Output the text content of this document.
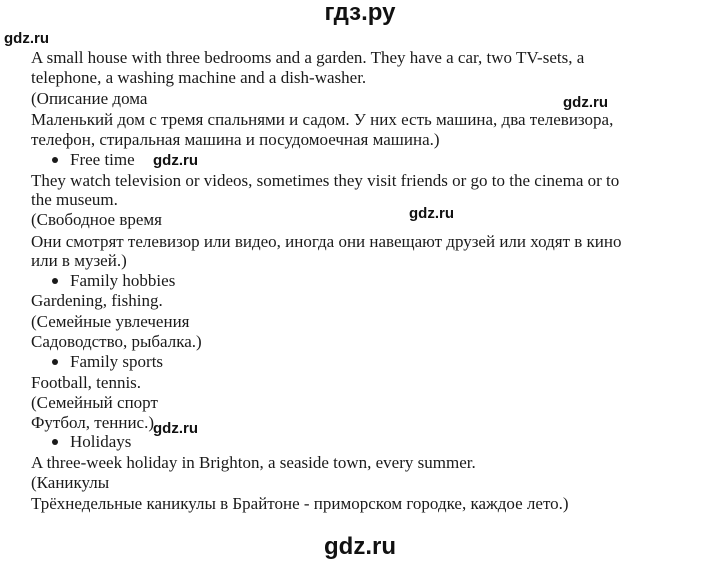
гдз.ру
gdz.ru
gdz.ru
gdz.ru
gdz.ru
gdz.ru
A small house with three bedrooms and a garden. They have a car, two TV-sets, a
telephone, a washing machine and a dish-washer.
(Описание дома
Маленький дом с тремя спальнями и садом. У них есть машина, два телевизора,
телефон, стиральная машина и посудомоечная машина.)
Free time
They watch television or videos, sometimes they visit friends or go to the cinema or to
the museum.
(Свободное время
Они смотрят телевизор или видео, иногда они навещают друзей или ходят в кино
или в музей.)
Family hobbies
Gardening, fishing.
(Семейные увлечения
Садоводство, рыбалка.)
Family sports
Football, tennis.
(Семейный спорт
Футбол, теннис.)
Holidays
A three-week holiday in Brighton, a seaside town, every summer.
(Каникулы
Трёхнедельные каникулы в Брайтоне - приморском городке, каждое лето.)
gdz.ru
